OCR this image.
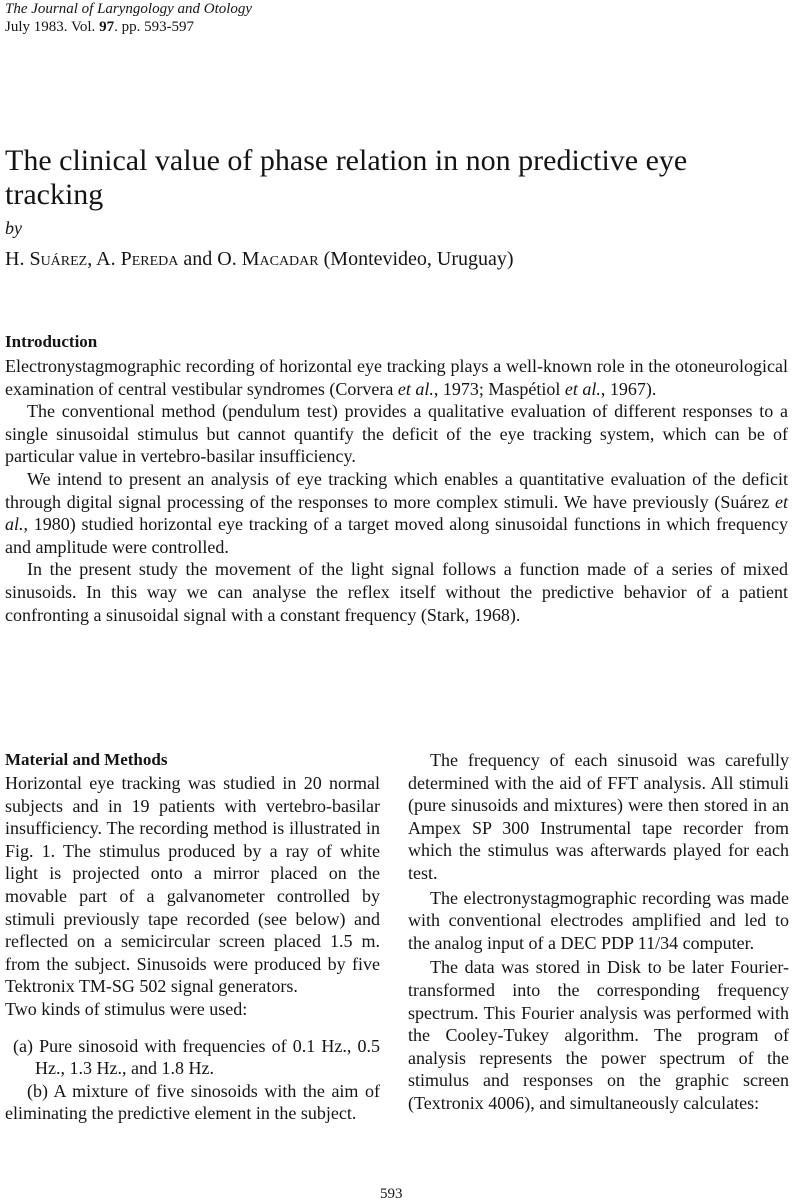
The Journal of Laryngology and Otology
July 1983. Vol. 97. pp. 593-597
The clinical value of phase relation in non predictive eye tracking
by
H. Suárez, A. Pereda and O. Macadar (Montevideo, Uruguay)
Introduction

Electronystagmographic recording of horizontal eye tracking plays a well-known role in the otoneurological examination of central vestibular syndromes (Corvera et al., 1973; Maspétiol et al., 1967).

The conventional method (pendulum test) provides a qualitative evaluation of different responses to a single sinusoidal stimulus but cannot quantify the deficit of the eye tracking system, which can be of particular value in vertebro-basilar insufficiency.

We intend to present an analysis of eye tracking which enables a quantitative evaluation of the deficit through digital signal processing of the responses to more complex stimuli. We have previously (Suárez et al., 1980) studied horizontal eye tracking of a target moved along sinusoidal functions in which frequency and amplitude were controlled.

In the present study the movement of the light signal follows a function made of a series of mixed sinusoids. In this way we can analyse the reflex itself without the predictive behavior of a patient confronting a sinusoidal signal with a constant frequency (Stark, 1968).

Material and Methods

Horizontal eye tracking was studied in 20 normal subjects and in 19 patients with vertebro-basilar insufficiency. The recording method is illustrated in Fig. 1. The stimulus produced by a ray of white light is projected onto a mirror placed on the movable part of a galvanometer controlled by stimuli previously tape recorded (see below) and reflected on a semicircular screen placed 1.5 m. from the subject. Sinusoids were produced by five Tektronix TM-SG 502 signal generators.

Two kinds of stimulus were used:

(a) Pure sinosoid with frequencies of 0.1 Hz., 0.5 Hz., 1.3 Hz., and 1.8 Hz.

(b) A mixture of five sinosoids with the aim of eliminating the predictive element in the subject.

The frequency of each sinusoid was carefully determined with the aid of FFT analysis. All stimuli (pure sinusoids and mixtures) were then stored in an Ampex SP 300 Instrumental tape recorder from which the stimulus was afterwards played for each test.

The electronystagmographic recording was made with conventional electrodes amplified and led to the analog input of a DEC PDP 11/34 computer.

The data was stored in Disk to be later Fourier-transformed into the corresponding frequency spectrum. This Fourier analysis was performed with the Cooley-Tukey algorithm. The program of analysis represents the power spectrum of the stimulus and responses on the graphic screen (Textronix 4006), and simultaneously calculates:

593
